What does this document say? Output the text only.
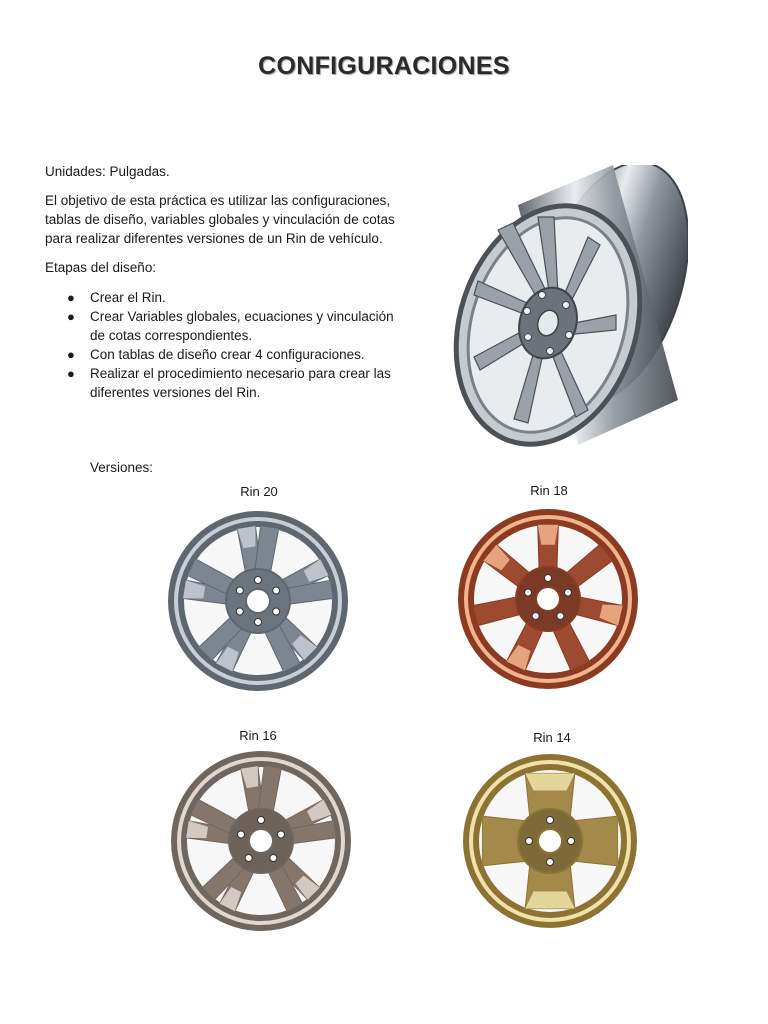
CONFIGURACIONES
Unidades: Pulgadas.
El objetivo de esta práctica es utilizar las configuraciones, tablas de diseño, variables globales y vinculación de cotas para realizar diferentes versiones de un Rin de vehículo.
Etapas del diseño:
● Crear el Rin.
● Crear Variables globales, ecuaciones y vinculación de cotas correspondientes.
● Con tablas de diseño crear 4 configuraciones.
● Realizar el procedimiento necesario para crear las diferentes versiones del Rin.
Versiones:
Rin 20	Rin 18
Rin 16	Rin 14
